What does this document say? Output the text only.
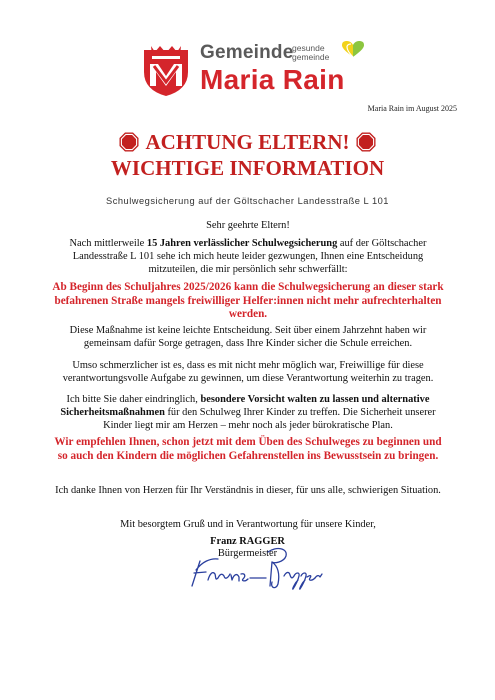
Gemeinde
gesunde
gemeinde
Maria Rain
Maria Rain im August 2025
ACHTUNG ELTERN!
WICHTIGE INFORMATION
Schulwegsicherung auf der Göltschacher Landesstraße L 101
Sehr geehrte Eltern!
Nach mittlerweile 15 Jahren verlässlicher Schulwegsicherung auf der Göltschacher Landesstraße L 101 sehe ich mich heute leider gezwungen, Ihnen eine Entscheidung mitzuteilen, die mir persönlich sehr schwerfällt:
Ab Beginn des Schuljahres 2025/2026 kann die Schulwegsicherung an dieser stark befahrenen Straße mangels freiwilliger Helfer:innen nicht mehr aufrechterhalten werden.
Diese Maßnahme ist keine leichte Entscheidung. Seit über einem Jahrzehnt haben wir gemeinsam dafür Sorge getragen, dass Ihre Kinder sicher die Schule erreichen.
Umso schmerzlicher ist es, dass es mit nicht mehr möglich war, Freiwillige für diese verantwortungsvolle Aufgabe zu gewinnen, um diese Verantwortung weiterhin zu tragen.
Ich bitte Sie daher eindringlich, besondere Vorsicht walten zu lassen und alternative Sicherheitsmaßnahmen für den Schulweg Ihrer Kinder zu treffen. Die Sicherheit unserer Kinder liegt mir am Herzen – mehr noch als jeder bürokratische Plan.
Wir empfehlen Ihnen, schon jetzt mit dem Üben des Schulweges zu beginnen und so auch den Kindern die möglichen Gefahrenstellen ins Bewusstsein zu bringen.
Ich danke Ihnen von Herzen für Ihr Verständnis in dieser, für uns alle, schwierigen Situation.
Mit besorgtem Gruß und in Verantwortung für unsere Kinder,
Franz RAGGER
Bürgermeister
